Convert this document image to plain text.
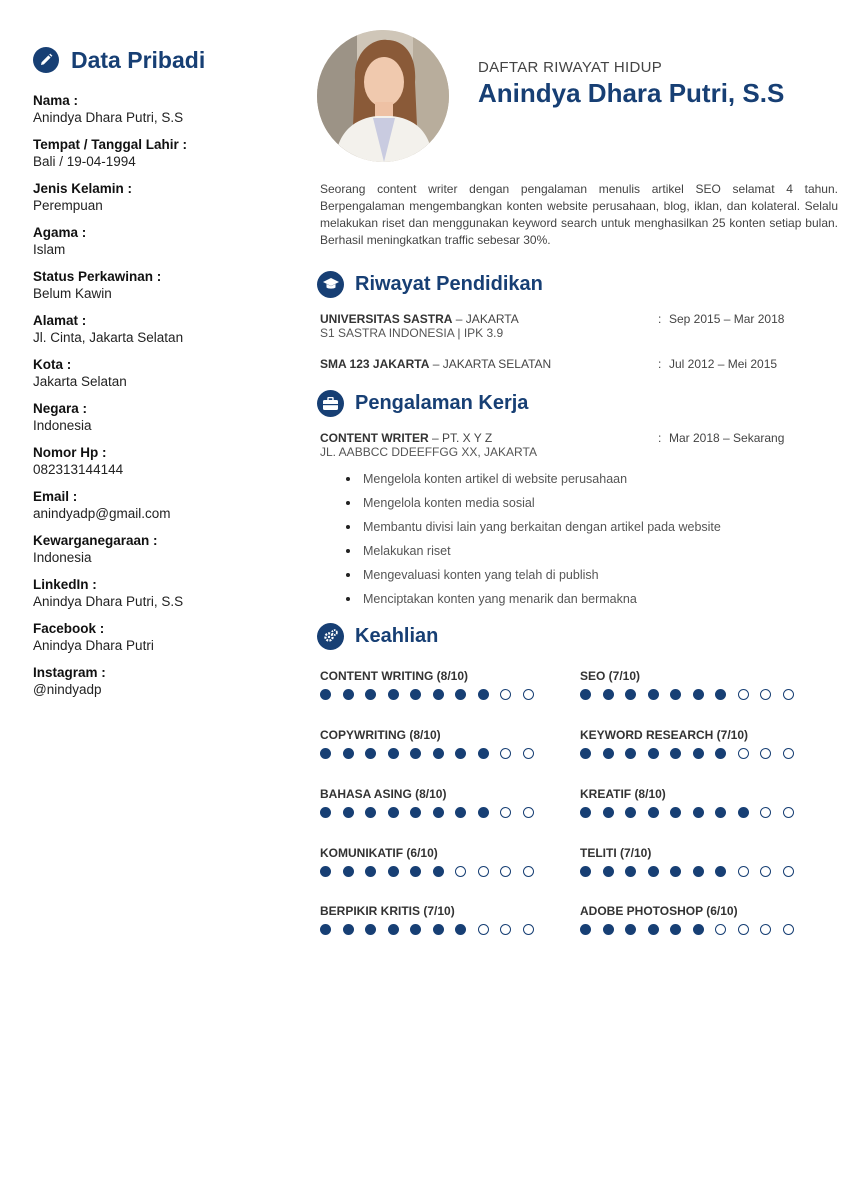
Data Pribadi
Nama :
Anindya Dhara Putri, S.S
Tempat / Tanggal Lahir :
Bali / 19-04-1994
Jenis Kelamin :
Perempuan
Agama :
Islam
Status Perkawinan :
Belum Kawin
Alamat :
Jl. Cinta, Jakarta Selatan
Kota :
Jakarta Selatan
Negara :
Indonesia
Nomor Hp :
082313144144
Email :
anindyadp@gmail.com
Kewarganegaraan :
Indonesia
LinkedIn :
Anindya Dhara Putri, S.S
Facebook :
Anindya Dhara Putri
Instagram :
@nindyadp
DAFTAR RIWAYAT HIDUP
Anindya Dhara Putri, S.S
Seorang content writer dengan pengalaman menulis artikel SEO selamat 4 tahun. Berpengalaman mengembangkan konten website perusahaan, blog, iklan, dan kolateral. Selalu melakukan riset dan menggunakan keyword search untuk menghasilkan 25 konten setiap bulan. Berhasil meningkatkan traffic sebesar 30%.
Riwayat Pendidikan
UNIVERSITAS SASTRA – JAKARTA	: Sep 2015 – Mar 2018
S1 SASTRA INDONESIA | IPK 3.9
SMA 123 JAKARTA – JAKARTA SELATAN	: Jul 2012 – Mei 2015
Pengalaman Kerja
CONTENT WRITER – PT. X Y Z	: Mar 2018 – Sekarang
JL. AABBCC DDEEFFGG XX, JAKARTA
Mengelola konten artikel di website perusahaan
Mengelola konten media sosial
Membantu divisi lain yang berkaitan dengan artikel pada website
Melakukan riset
Mengevaluasi konten yang telah di publish
Menciptakan konten yang menarik dan bermakna
Keahlian
CONTENT WRITING (8/10)	SEO (7/10)
COPYWRITING (8/10)	KEYWORD RESEARCH (7/10)
BAHASA ASING (8/10)	KREATIF (8/10)
KOMUNIKATIF (6/10)	TELITI (7/10)
BERPIKIR KRITIS (7/10)	ADOBE PHOTOSHOP (6/10)
